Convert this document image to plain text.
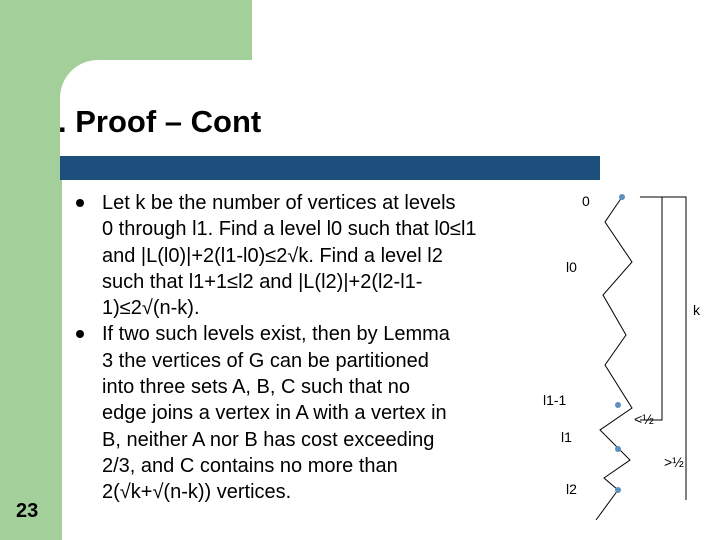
. Proof – Cont
23
Let k be the number of vertices at levels
0 through l1. Find a level l0 such that l0≤l1
and |L(l0)|+2(l1-l0)≤2√k. Find a level l2
such that l1+1≤l2 and |L(l2)|+2(l2-l1-
1)≤2√(n-k).
If two such levels exist, then by Lemma
3 the vertices of G can be partitioned
into three sets A, B, C such that no
edge joins a vertex in A with a vertex in
B, neither A nor B has cost exceeding
2/3, and C contains no more than
2(√k+√(n-k)) vertices.
0
l0
k
l1-1
<½
l1
>½
l2
